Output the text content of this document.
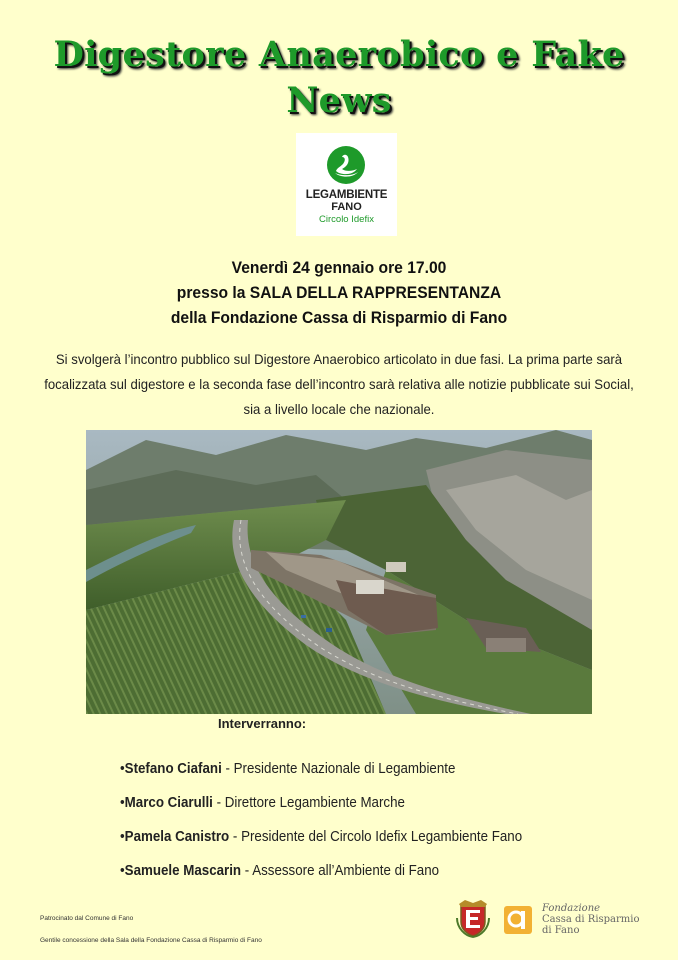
Digestore Anaerobico e Fake
News
LEGAMBIENTE
FANO
Circolo Idefix
Venerdì 24 gennaio ore 17.00
presso la SALA DELLA RAPPRESENTANZA
della Fondazione Cassa di Risparmio di Fano
Si svolgerà l’incontro pubblico sul Digestore Anaerobico articolato in due fasi. La prima parte sarà
focalizzata sul digestore e la seconda fase dell’incontro sarà relativa alle notizie pubblicate sui Social,
sia a livello locale che nazionale.
Interverranno:
•Stefano Ciafani - Presidente Nazionale di Legambiente
•Marco Ciarulli - Direttore Legambiente Marche
•Pamela Canistro - Presidente del Circolo Idefix Legambiente Fano
•Samuele Mascarin - Assessore all’Ambiente di Fano
Patrocinato dal Comune di Fano
Gentile concessione della Sala della Fondazione Cassa di Risparmio di Fano
Fondazione
Cassa di Risparmio
di Fano
